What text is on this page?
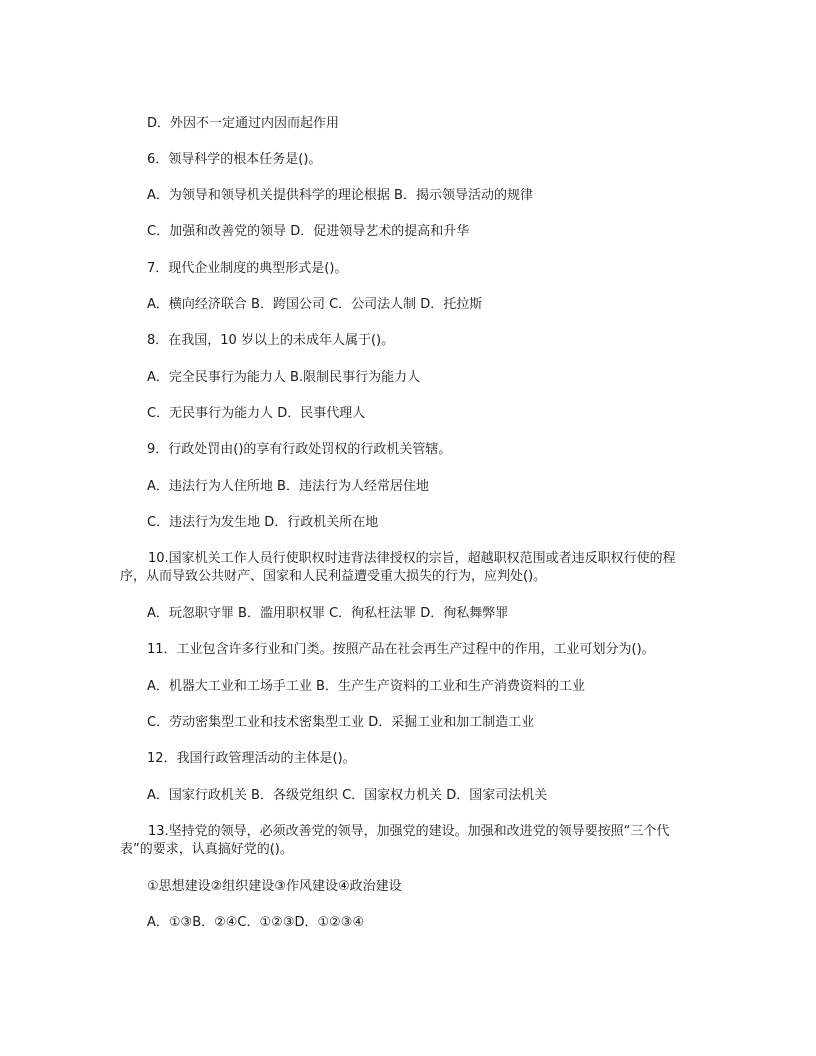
D．外因不一定通过内因而起作用
6．领导科学的根本任务是()。
A．为领导和领导机关提供科学的理论根据 B．揭示领导活动的规律
C．加强和改善党的领导 D．促进领导艺术的提高和升华
7．现代企业制度的典型形式是()。
A．横向经济联合 B．跨国公司 C．公司法人制 D．托拉斯
8．在我国，10 岁以上的未成年人属于()。
A．完全民事行为能力人 B.限制民事行为能力人
C．无民事行为能力人 D．民事代理人
9．行政处罚由()的享有行政处罚权的行政机关管辖。
A．违法行为人住所地 B．违法行为人经常居住地
C．违法行为发生地 D．行政机关所在地
10.国家机关工作人员行使职权时违背法律授权的宗旨，超越职权范围或者违反职权行使的程序，从而导致公共财产、国家和人民利益遭受重大损失的行为，应判处()。
A．玩忽职守罪 B．滥用职权罪 C．徇私枉法罪 D．徇私舞弊罪
11．工业包含许多行业和门类。按照产品在社会再生产过程中的作用，工业可划分为()。
A．机器大工业和工场手工业 B．生产生产资料的工业和生产消费资料的工业
C．劳动密集型工业和技术密集型工业 D．采掘工业和加工制造工业
12．我国行政管理活动的主体是()。
A．国家行政机关 B．各级党组织 C．国家权力机关 D．国家司法机关
13.坚持党的领导，必须改善党的领导，加强党的建设。加强和改进党的领导要按照“三个代表”的要求，认真搞好党的()。
①思想建设②组织建设③作风建设④政治建设
A．①③B．②④C．①②③D．①②③④
